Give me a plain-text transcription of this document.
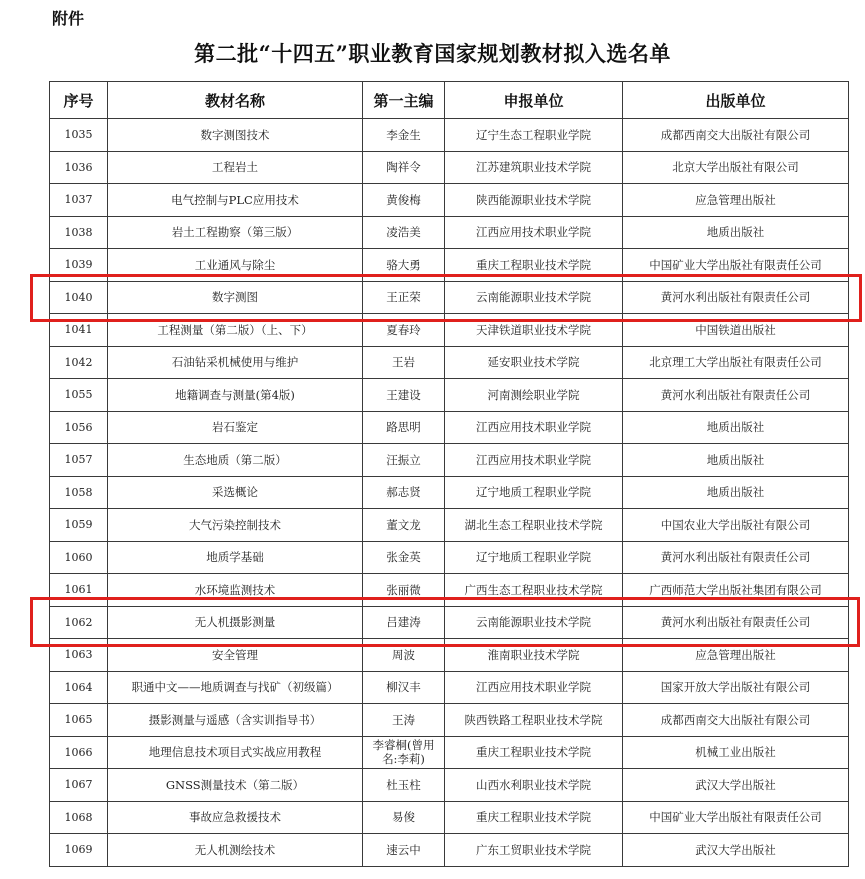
附件
第二批“十四五”职业教育国家规划教材拟入选名单
序号	教材名称	第一主编	申报单位	出版单位
1035	数字测图技术	李金生	辽宁生态工程职业学院	成都西南交大出版社有限公司
1036	工程岩土	陶祥令	江苏建筑职业技术学院	北京大学出版社有限公司
1037	电气控制与PLC应用技术	黄俊梅	陕西能源职业技术学院	应急管理出版社
1038	岩土工程勘察（第三版）	凌浩美	江西应用技术职业学院	地质出版社
1039	工业通风与除尘	骆大勇	重庆工程职业技术学院	中国矿业大学出版社有限责任公司
1040	数字测图	王正荣	云南能源职业技术学院	黄河水利出版社有限责任公司
1041	工程测量（第二版）（上、下）	夏春玲	天津铁道职业技术学院	中国铁道出版社
1042	石油钻采机械使用与维护	王岩	延安职业技术学院	北京理工大学出版社有限责任公司
1055	地籍调查与测量(第4版)	王建设	河南测绘职业学院	黄河水利出版社有限责任公司
1056	岩石鉴定	路思明	江西应用技术职业学院	地质出版社
1057	生态地质（第二版）	汪振立	江西应用技术职业学院	地质出版社
1058	采选概论	郝志贤	辽宁地质工程职业学院	地质出版社
1059	大气污染控制技术	董文龙	湖北生态工程职业技术学院	中国农业大学出版社有限公司
1060	地质学基础	张金英	辽宁地质工程职业学院	黄河水利出版社有限责任公司
1061	水环境监测技术	张丽微	广西生态工程职业技术学院	广西师范大学出版社集团有限公司
1062	无人机摄影测量	吕建涛	云南能源职业技术学院	黄河水利出版社有限责任公司
1063	安全管理	周波	淮南职业技术学院	应急管理出版社
1064	职通中文——地质调查与找矿（初级篇）	柳汉丰	江西应用技术职业学院	国家开放大学出版社有限公司
1065	摄影测量与遥感（含实训指导书）	王涛	陕西铁路工程职业技术学院	成都西南交大出版社有限公司
1066	地理信息技术项目式实战应用教程	李睿桐(曾用名:李莉)	重庆工程职业技术学院	机械工业出版社
1067	GNSS测量技术（第二版）	杜玉柱	山西水利职业技术学院	武汉大学出版社
1068	事故应急救援技术	易俊	重庆工程职业技术学院	中国矿业大学出版社有限责任公司
1069	无人机测绘技术	速云中	广东工贸职业技术学院	武汉大学出版社
